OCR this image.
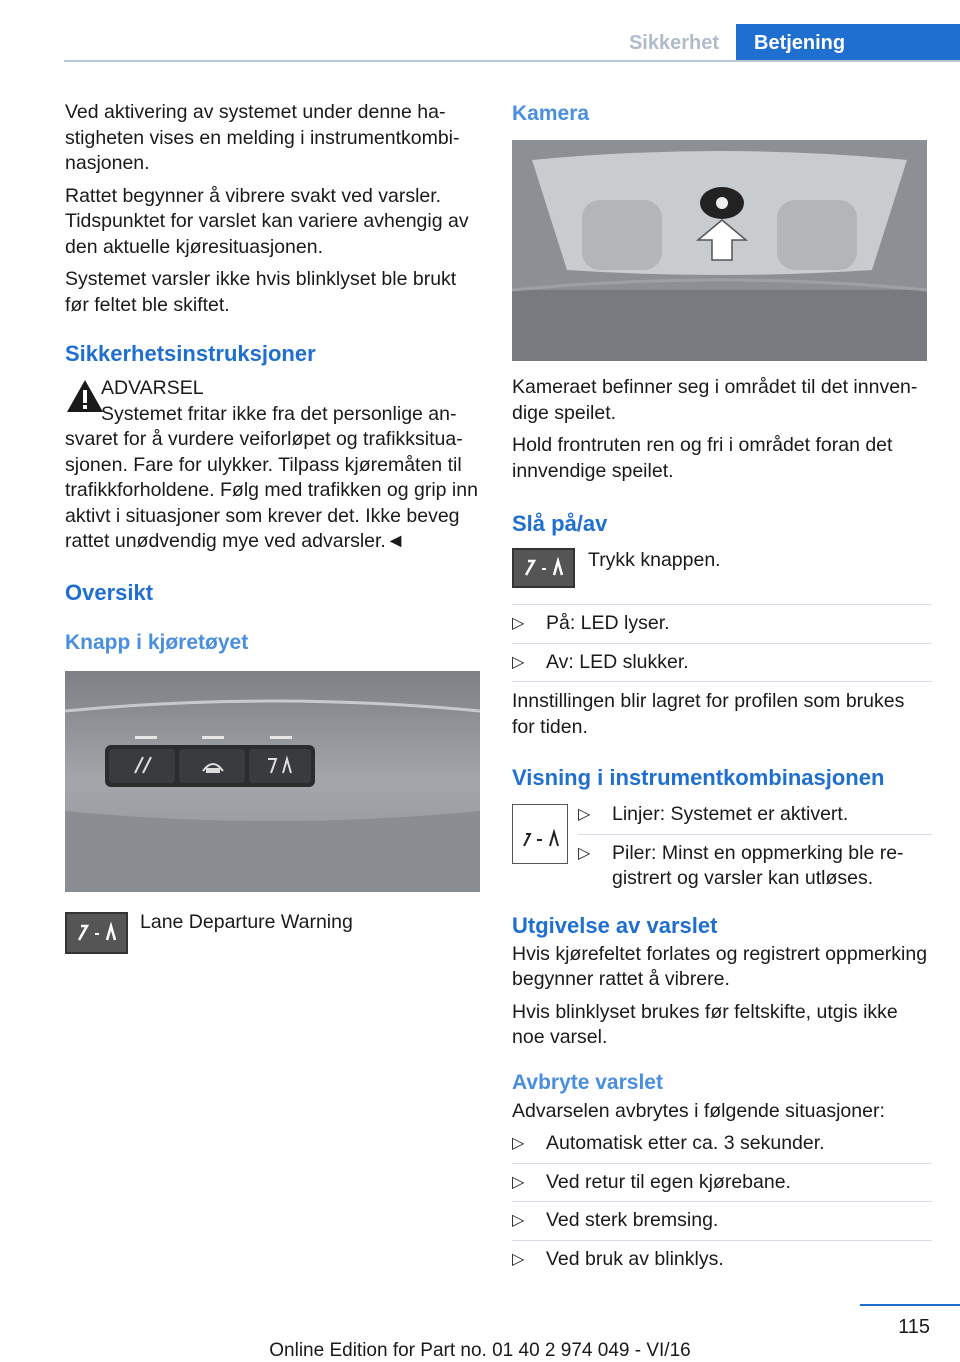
Sikkerhet	Betjening

Ved aktivering av systemet under denne hastigheten vises en melding i instrumentkombinasjonen.

Rattet begynner å vibrere svakt ved varsler. Tidspunktet for varslet kan variere avhengig av den aktuelle kjøresituasjonen.

Systemet varsler ikke hvis blinklyset ble brukt før feltet ble skiftet.

Sikkerhetsinstruksjoner
ADVARSEL

Systemet fritar ikke fra det personlige ansvaret for å vurdere veiforløpet og trafikksituasjonen. Fare for ulykker. Tilpass kjøremåten til trafikkforholdene. Følg med trafikken og grip inn aktivt i situasjoner som krever det. Ikke beveg rattet unødvendig mye ved advarsler.◄

Oversikt
Knapp i kjøretøyet
Lane Departure Warning
Kamera

Kameraet befinner seg i området til det innvendige speilet.

Hold frontruten ren og fri i området foran det innvendige speilet.

Slå på/av
Trykk knappen.
▷ På: LED lyser.
▷ Av: LED slukker.

Innstillingen blir lagret for profilen som brukes for tiden.

Visning i instrumentkombinasjonen
▷ Linjer: Systemet er aktivert.
▷ Piler: Minst en oppmerking ble registrert og varsler kan utløses.
Utgivelse av varslet

Hvis kjørefeltet forlates og registrert oppmerking begynner rattet å vibrere.

Hvis blinklyset brukes før feltskifte, utgis ikke noe varsel.

Avbryte varslet

Advarselen avbrytes i følgende situasjoner:

▷ Automatisk etter ca. 3 sekunder.
▷ Ved retur til egen kjørebane.
▷ Ved sterk bremsing.
▷ Ved bruk av blinklys.
115
Online Edition for Part no. 01 40 2 974 049 - VI/16
